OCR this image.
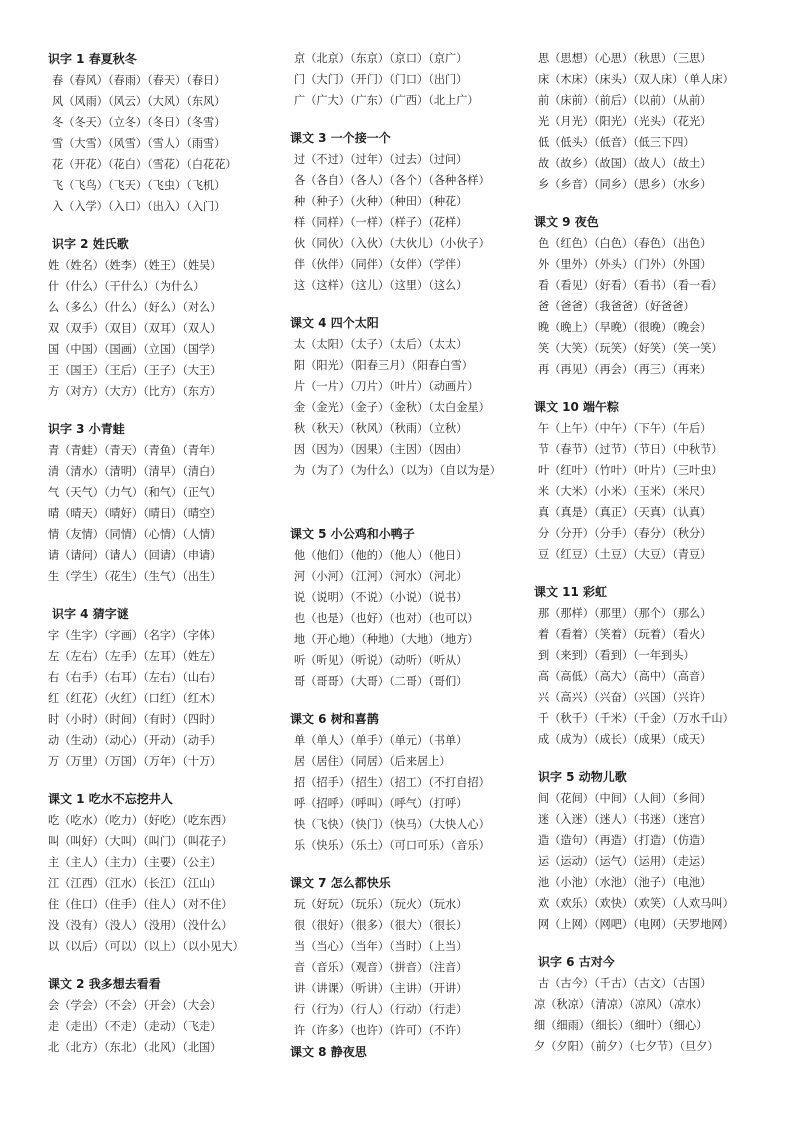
识字 1 春夏秋冬
春（春风）（春雨）（春天）（春日）
风（风雨）（风云）（大风）（东风）
冬（冬天）（立冬）（冬日）（冬雪）
雪（大雪）（风雪）（雪人）（雨雪）
花（开花）（花白）（雪花）（白花花）
飞（飞鸟）（飞天）（飞虫）（飞机）
入（入学）（入口）（出入）（入门）
识字 2 姓氏歌
姓（姓名）（姓李）（姓王）（姓吴）
什（什么）（干什么）（为什么）
么（多么）（什么）（好么）（对么）
双（双手）（双目）（双耳）（双人）
国（中国）（国画）（立国）（国学）
王（国王）（王后）（王子）（大王）
方（对方）（大方）（比方）（东方）
识字 3 小青蛙
青（青蛙）（青天）（青鱼）（青年）
清（清水）（清明）（清早）（清白）
气（天气）（力气）（和气）（正气）
晴（晴天）（晴好）（晴日）（晴空）
情（友情）（同情）（心情）（人情）
请（请问）（请人）（回请）（申请）
生（学生）（花生）（生气）（出生）
识字 4 猜字谜
字（生字）（字画）（名字）（字体）
左（左右）（左手）（左耳）（姓左）
右（右手）（右耳）（左右）（山右）
红（红花）（火红）（口红）（红木）
时（小时）（时间）（有时）（四时）
动（生动）（动心）（开动）（动手）
万（万里）（万国）（万年）（十万）
课文 1 吃水不忘挖井人
吃（吃水）（吃力）（好吃）（吃东西）
叫（叫好）（大叫）（叫门）（叫花子）
主（主人）（主力）（主要）（公主）
江（江西）（江水）（长江）（江山）
住（住口）（住手）（住人）（对不住）
没（没有）（没人）（没用）（没什么）
以（以后）（可以）（以上）（以小见大）
课文 2 我多想去看看
会（学会）（不会）（开会）（大会）
走（走出）（不走）（走动）（飞走）
北（北方）（东北）（北风）（北国）
京（北京）（东京）（京口）（京广）
门（大门）（开门）（门口）（出门）
广（广大）（广东）（广西）（北上广）
课文 3 一个接一个
过（不过）（过年）（过去）（过问）
各（各自）（各人）（各个）（各种各样）
种（种子）（火种）（种田）（种花）
样（同样）（一样）（样子）（花样）
伙（同伙）（入伙）（大伙儿）（小伙子）
伴（伙伴）（同伴）（女伴）（学伴）
这（这样）（这儿）（这里）（这么）
课文 4 四个太阳
太（太阳）（太子）（太后）（太太）
阳（阳光）（阳春三月）（阳春白雪）
片（一片）（刀片）（叶片）（动画片）
金（金光）（金子）（金秋）（太白金星）
秋（秋天）（秋风）（秋雨）（立秋）
因（因为）（因果）（主因）（因由）
为（为了）（为什么）（以为）（自以为是）
课文 5 小公鸡和小鸭子
他（他们）（他的）（他人）（他日）
河（小河）（江河）（河水）（河北）
说（说明）（不说）（小说）（说书）
也（也是）（也好）（也对）（也可以）
地（开心地）（种地）（大地）（地方）
听（听见）（听说）（动听）（听从）
哥（哥哥）（大哥）（二哥）（哥们）
课文 6 树和喜鹊
单（单人）（单手）（单元）（书单）
居（居住）（同居）（后来居上）
招（招手）（招生）（招工）（不打自招）
呼（招呼）（呼叫）（呼气）（打呼）
快（飞快）（快门）（快马）（大快人心）
乐（快乐）（乐土）（可口可乐）（音乐）
课文 7 怎么都快乐
玩（好玩）（玩乐）（玩火）（玩水）
很（很好）（很多）（很大）（很长）
当（当心）（当年）（当时）（上当）
音（音乐）（观音）（拼音）（注音）
讲（讲课）（听讲）（主讲）（开讲）
行（行为）（行人）（行动）（行走）
许（许多）（也许）（许可）（不许）
课文 8 静夜思
思（思想）（心思）（秋思）（三思）
床（木床）（床头）（双人床）（单人床）
前（床前）（前后）（以前）（从前）
光（月光）（阳光）（光头）（花光）
低（低头）（低音）（低三下四）
故（故乡）（故国）（故人）（故土）
乡（乡音）（同乡）（思乡）（水乡）
课文 9 夜色
色（红色）（白色）（春色）（出色）
外（里外）（外头）（门外）（外国）
看（看见）（好看）（看书）（看一看）
爸（爸爸）（我爸爸）（好爸爸）
晚（晚上）（早晚）（很晚）（晚会）
笑（大笑）（玩笑）（好笑）（笑一笑）
再（再见）（再会）（再三）（再来）
课文 10 端午粽
午（上午）（中午）（下午）（午后）
节（春节）（过节）（节日）（中秋节）
叶（红叶）（竹叶）（叶片）（三叶虫）
米（大米）（小米）（玉米）（米尺）
真（真是）（真正）（天真）（认真）
分（分开）（分手）（春分）（秋分）
豆（红豆）（土豆）（大豆）（青豆）
课文 11 彩虹
那（那样）（那里）（那个）（那么）
着（看着）（笑着）（玩着）（看火）
到（来到）（看到）（一年到头）
高（高低）（高大）（高中）（高音）
兴（高兴）（兴奋）（兴国）（兴许）
千（秋千）（千米）（千金）（万水千山）
成（成为）（成长）（成果）（成天）
识字 5 动物儿歌
间（花间）（中间）（人间）（乡间）
迷（入迷）（迷人）（书迷）（迷宫）
造（造句）（再造）（打造）（仿造）
运（运动）（运气）（运用）（走运）
池（小池）（水池）（池子）（电池）
欢（欢乐）（欢快）（欢笑）（人欢马叫）
网（上网）（网吧）（电网）（天罗地网）
识字 6 古对今
古（古今）（千古）（古文）（古国）
凉（秋凉）（清凉）（凉风）（凉水）
细（细雨）（细长）（细叶）（细心）
夕（夕阳）（前夕）（七夕节）（旦夕）
